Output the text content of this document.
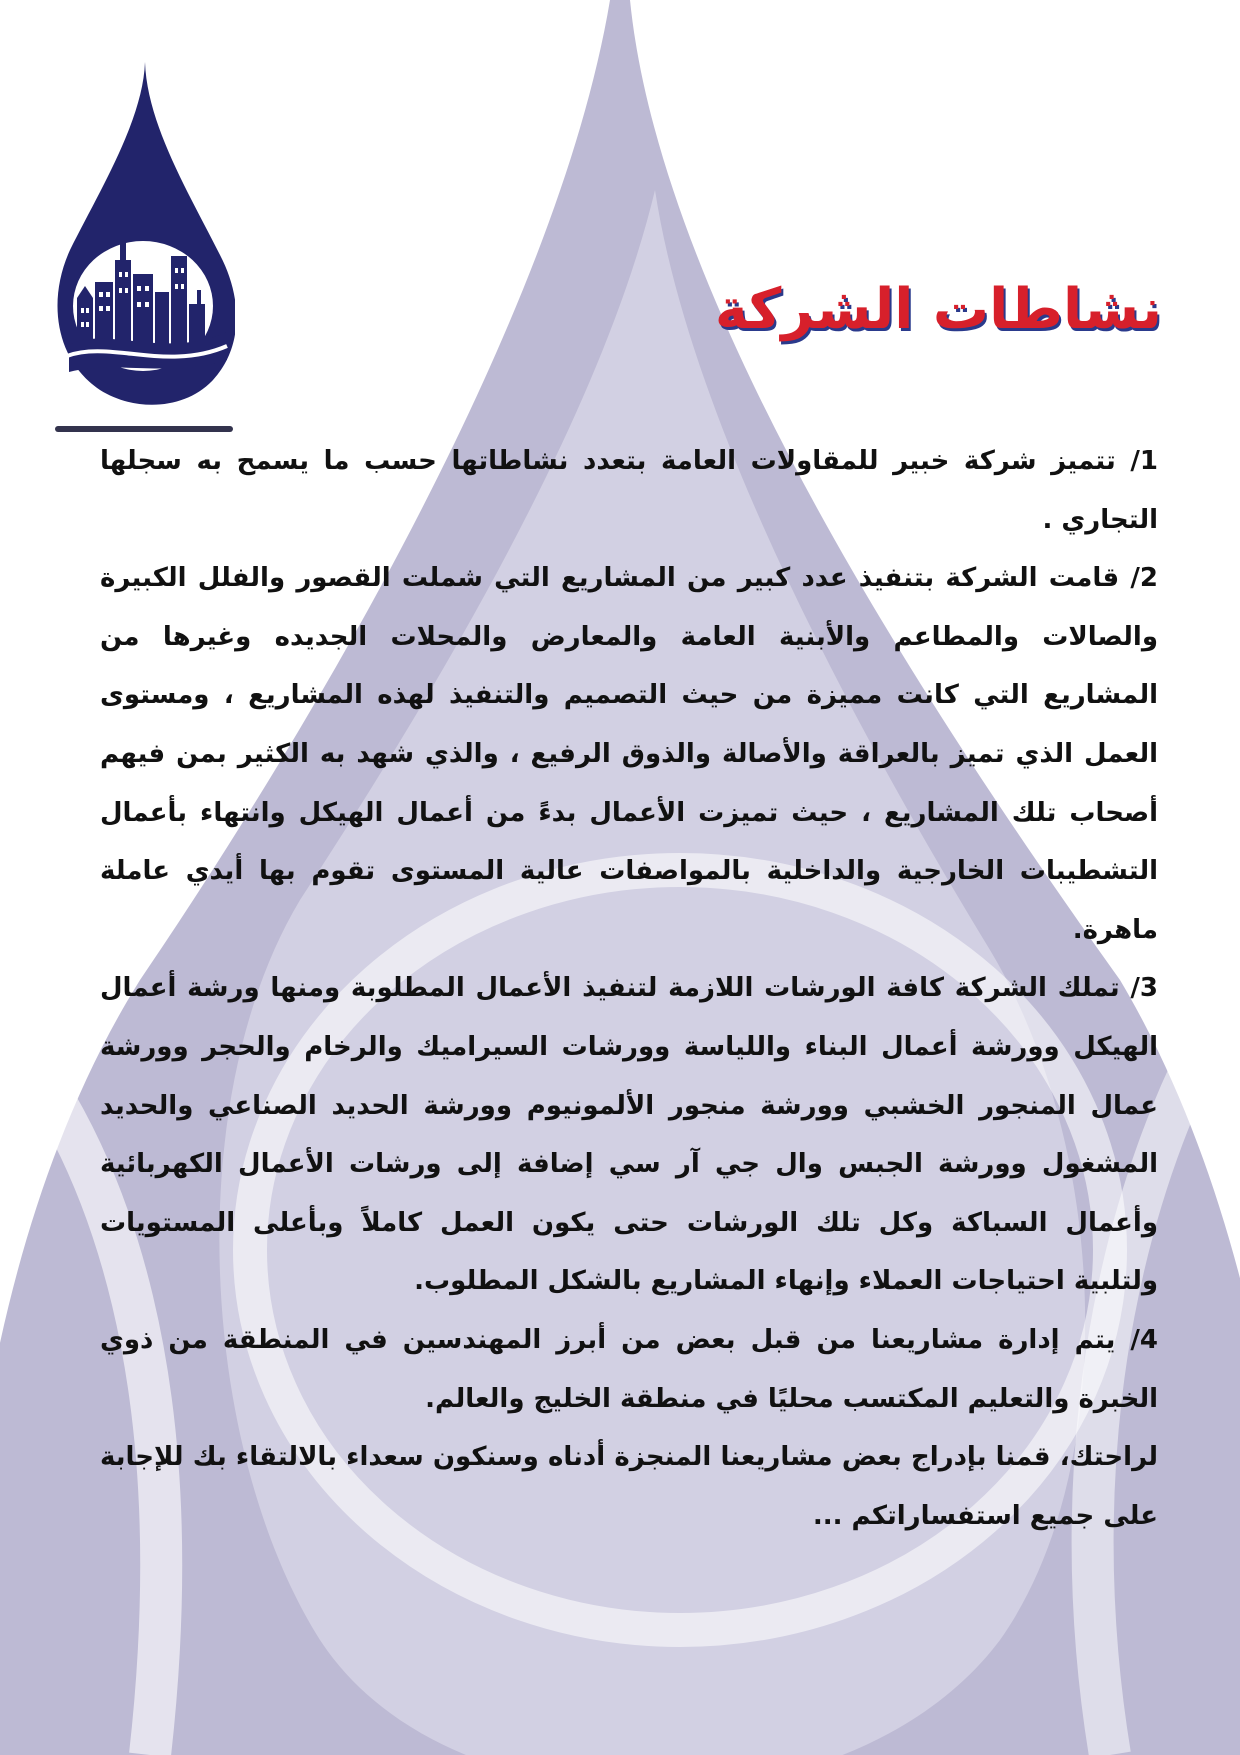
نشاطات الشركة

1/ تتميز شركة خبير للمقاولات العامة بتعدد نشاطاتها حسب ما يسمح به سجلها التجاري .

2/ قامت الشركة بتنفيذ عدد كبير من المشاريع التي شملت القصور والفلل الكبيرة والصالات والمطاعم والأبنية العامة والمعارض والمحلات الجديده وغيرها من المشاريع التي كانت مميزة من حيث التصميم والتنفيذ لهذه المشاريع ، ومستوى العمل الذي تميز بالعراقة والأصالة والذوق الرفيع ، والذي شهد به الكثير بمن فيهم أصحاب تلك المشاريع ، حيث تميزت الأعمال بدءً من أعمال الهيكل وانتهاء بأعمال التشطيبات الخارجية والداخلية بالمواصفات عالية المستوى تقوم بها أيدي عاملة ماهرة.

3/ تملك الشركة كافة الورشات اللازمة لتنفيذ الأعمال المطلوبة ومنها ورشة أعمال الهيكل وورشة أعمال البناء واللياسة وورشات السيراميك والرخام والحجر وورشة عمال المنجور الخشبي وورشة منجور الألمونيوم وورشة الحديد الصناعي والحديد المشغول وورشة الجبس وال جي آر سي إضافة إلى ورشات الأعمال الكهربائية وأعمال السباكة وكل تلك الورشات حتى يكون العمل كاملاً وبأعلى المستويات ولتلبية احتياجات العملاء وإنهاء المشاريع بالشكل المطلوب.

4/ يتم إدارة مشاريعنا من قبل بعض من أبرز المهندسين في المنطقة من ذوي الخبرة والتعليم المكتسب محليًا في منطقة الخليج والعالم.

لراحتك، قمنا بإدراج بعض مشاريعنا المنجزة أدناه وسنكون سعداء بالالتقاء بك للإجابة على جميع استفساراتكم ...
